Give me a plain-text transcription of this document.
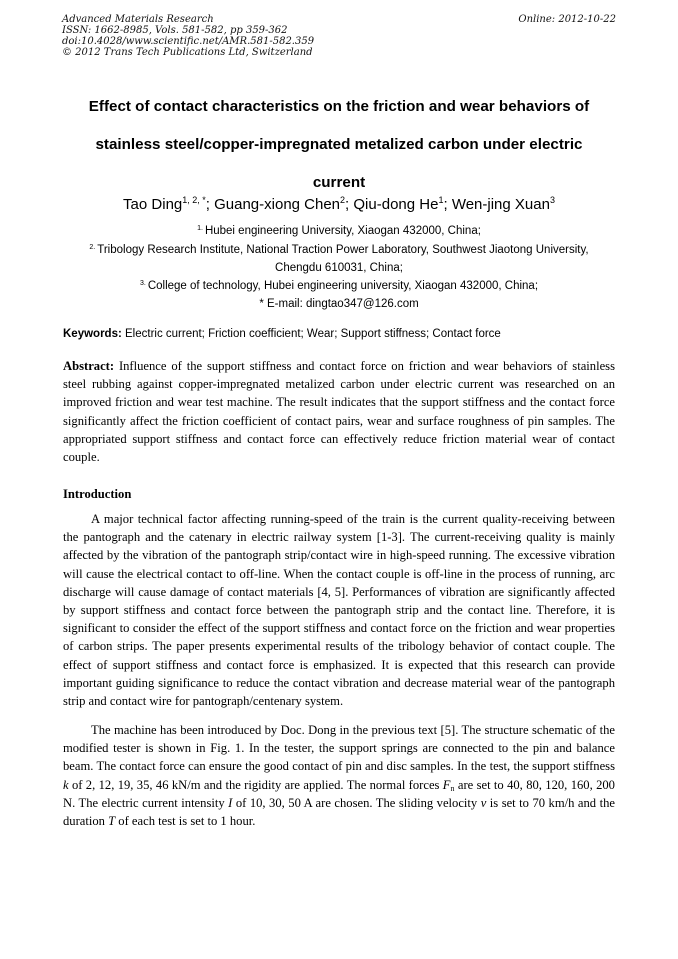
Advanced Materials Research
ISSN: 1662-8985, Vols. 581-582, pp 359-362
doi:10.4028/www.scientific.net/AMR.581-582.359
© 2012 Trans Tech Publications Ltd, Switzerland
Online: 2012-10-22
Effect of contact characteristics on the friction and wear behaviors of
stainless steel/copper-impregnated metalized carbon under electric
current
Tao Ding$^{1, 2, *}$; Guang-xiong Chen$^2$; Qiu-dong He$^1$; Wen-jing Xuan$^3$
$^{1.}$ Hubei engineering University, Xiaogan 432000, China;
$^{2.}$ Tribology Research Institute, National Traction Power Laboratory, Southwest Jiaotong University,
Chengdu 610031, China;
$^{3.}$ College of technology, Hubei engineering university, Xiaogan 432000, China;
* E-mail: dingtao347@126.com
Keywords: Electric current; Friction coefficient; Wear; Support stiffness; Contact force
Abstract: Influence of the support stiffness and contact force on friction and wear behaviors of stainless steel rubbing against copper-impregnated metalized carbon under electric current was researched on an improved friction and wear test machine. The result indicates that the support stiffness and the contact force significantly affect the friction coefficient of contact pairs, wear and surface roughness of pin samples. The appropriated support stiffness and contact force can effectively reduce friction material wear of contact couple.
Introduction
A major technical factor affecting running-speed of the train is the current quality-receiving between the pantograph and the catenary in electric railway system [1-3]. The current-receiving quality is mainly affected by the vibration of the pantograph strip/contact wire in high-speed running. The excessive vibration will cause the electrical contact to off-line. When the contact couple is off-line in the process of running, arc discharge will cause damage of contact materials [4, 5]. Performances of vibration are significantly affected by support stiffness and contact force between the pantograph strip and the contact line. Therefore, it is significant to consider the effect of the support stiffness and contact force on the friction and wear properties of carbon strips. The paper presents experimental results of the tribology behavior of contact couple. The effect of support stiffness and contact force is emphasized. It is expected that this research can provide important guiding significance to reduce the contact vibration and decrease material wear of the pantograph strip and contact wire for pantograph/centenary system.
The machine has been introduced by Doc. Dong in the previous text [5]. The structure schematic of the modified tester is shown in Fig. 1. In the tester, the support springs are connected to the pin and balance beam. The contact force can ensure the good contact of pin and disc samples. In the test, the support stiffness k of 2, 12, 19, 35, 46 kN/m and the rigidity are applied. The normal forces $F_n$ are set to 40, 80, 120, 160, 200 N. The electric current intensity I of 10, 30, 50 A are chosen. The sliding velocity v is set to 70 km/h and the duration T of each test is set to 1 hour.
